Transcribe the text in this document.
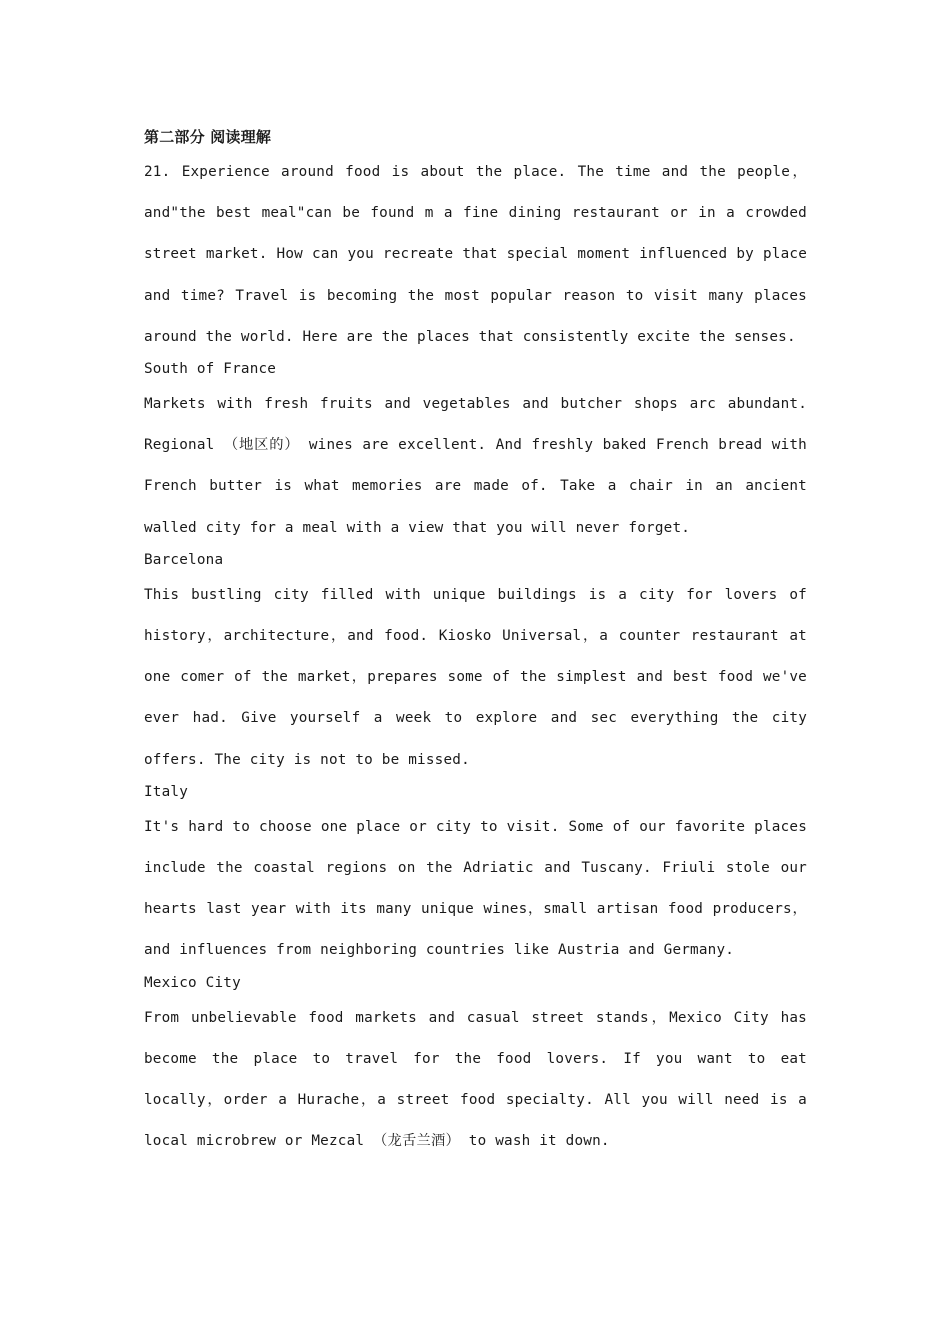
第二部分 阅读理解

21. Experience around food is about the place. The time and the people，and"the best meal"can be found m a fine dining restaurant or in a crowded street market. How can you recreate that special moment influenced by place and time? Travel is becoming the most popular reason to visit many places around the world. Here are the places that consistently excite the senses.

South of France

Markets with fresh fruits and vegetables and butcher shops arc abundant. Regional （地区的） wines are excellent. And freshly baked French bread with French butter is what memories are made of. Take a chair in an ancient walled city for a meal with a view that you will never forget.

Barcelona

This bustling city filled with unique buildings is a city for lovers of history，architecture，and food. Kiosko Universal，a counter restaurant at one comer of the market，prepares some of the simplest and best food we've ever had. Give yourself a week to explore and sec everything the city offers. The city is not to be missed.

Italy

It's hard to choose one place or city to visit. Some of our favorite places include the coastal regions on the Adriatic and Tuscany. Friuli stole our hearts last year with its many unique wines，small artisan food producers，and influences from neighboring countries like Austria and Germany.

Mexico City

From unbelievable food markets and casual street stands，Mexico City has become the place to travel for the food lovers. If you want to eat locally，order a Hurache，a street food specialty. All you will need is a local microbrew or Mezcal （龙舌兰酒） to wash it down.
